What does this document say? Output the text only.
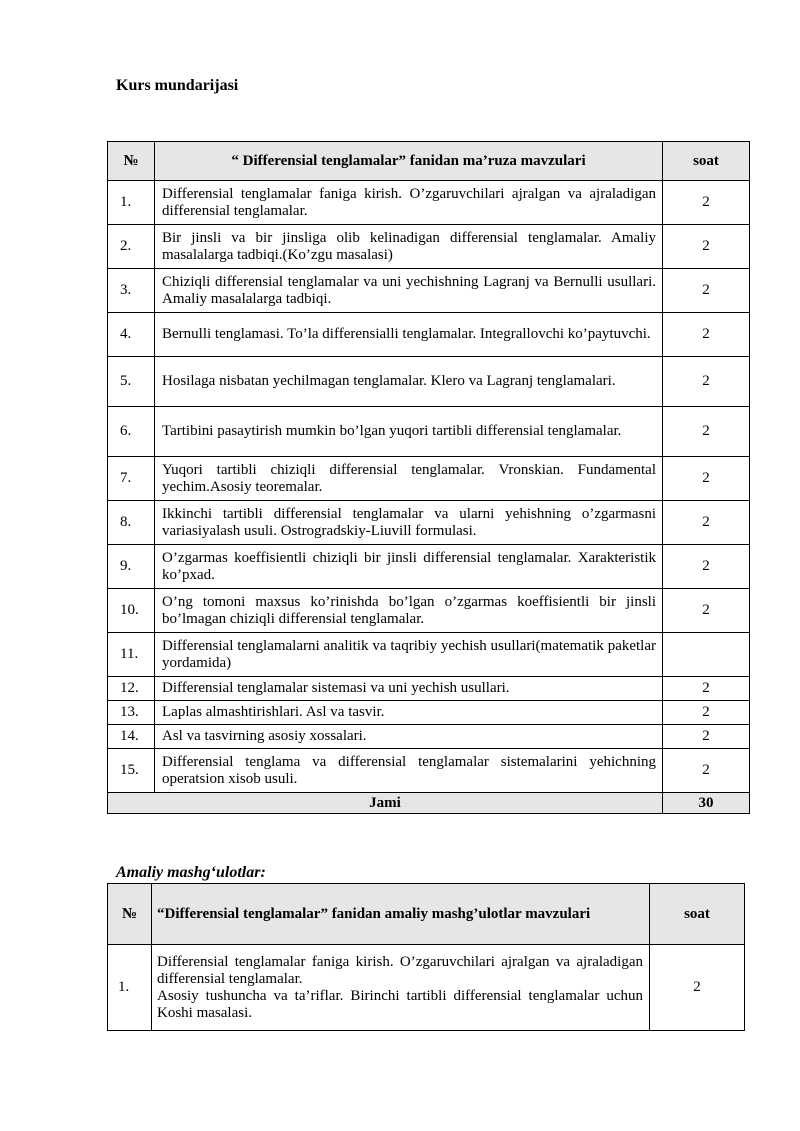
Kurs mundarijasi
№	“ Differensial tenglamalar” fanidan ma’ruza mavzulari	soat
1.	Differensial tenglamalar faniga kirish. O’zgaruvchilari ajralgan va ajraladigan differensial tenglamalar.	2
2.	Bir jinsli va bir jinsliga olib kelinadigan differensial tenglamalar. Amaliy masalalarga tadbiqi.(Ko’zgu masalasi)	2
3.	Chiziqli differensial tenglamalar va uni yechishning Lagranj va Bernulli usullari. Amaliy masalalarga tadbiqi.	2
4.	Bernulli tenglamasi. To’la differensialli tenglamalar. Integrallovchi ko’paytuvchi.	2
5.	Hosilaga nisbatan yechilmagan tenglamalar. Klero va Lagranj tenglamalari.	2
6.	Tartibini pasaytirish mumkin bo’lgan yuqori tartibli differensial tenglamalar.	2
7.	Yuqori tartibli chiziqli differensial tenglamalar. Vronskian. Fundamental yechim.Asosiy teoremalar.	2
8.	Ikkinchi tartibli differensial tenglamalar va ularni yehishning o’zgarmasni variasiyalash usuli. Ostrogradskiy-Liuvill formulasi.	2
9.	O’zgarmas koeffisientli chiziqli bir jinsli differensial tenglamalar. Xarakteristik ko’pxad.	2
10.	O’ng tomoni maxsus ko’rinishda bo’lgan o’zgarmas koeffisientli bir jinsli bo’lmagan chiziqli differensial tenglamalar.	2
11.	Differensial tenglamalarni analitik va taqribiy yechish usullari(matematik paketlar yordamida)	
12.	Differensial tenglamalar sistemasi va uni yechish usullari.	2
13.	Laplas almashtirishlari. Asl va tasvir.	2
14.	Asl va tasvirning asosiy xossalari.	2
15.	Differensial tenglama va differensial tenglamalar sistemalarini yehichning operatsion xisob usuli.	2
Jami		30
Amaliy mashg‘ulotlar:
№	“Differensial tenglamalar” fanidan amaliy mashg’ulotlar mavzulari	soat
1.	Differensial tenglamalar faniga kirish. O’zgaruvchilari ajralgan va ajraladigan differensial tenglamalar.
Asosiy tushuncha va ta’riflar. Birinchi tartibli differensial tenglamalar uchun Koshi masalasi.	2
